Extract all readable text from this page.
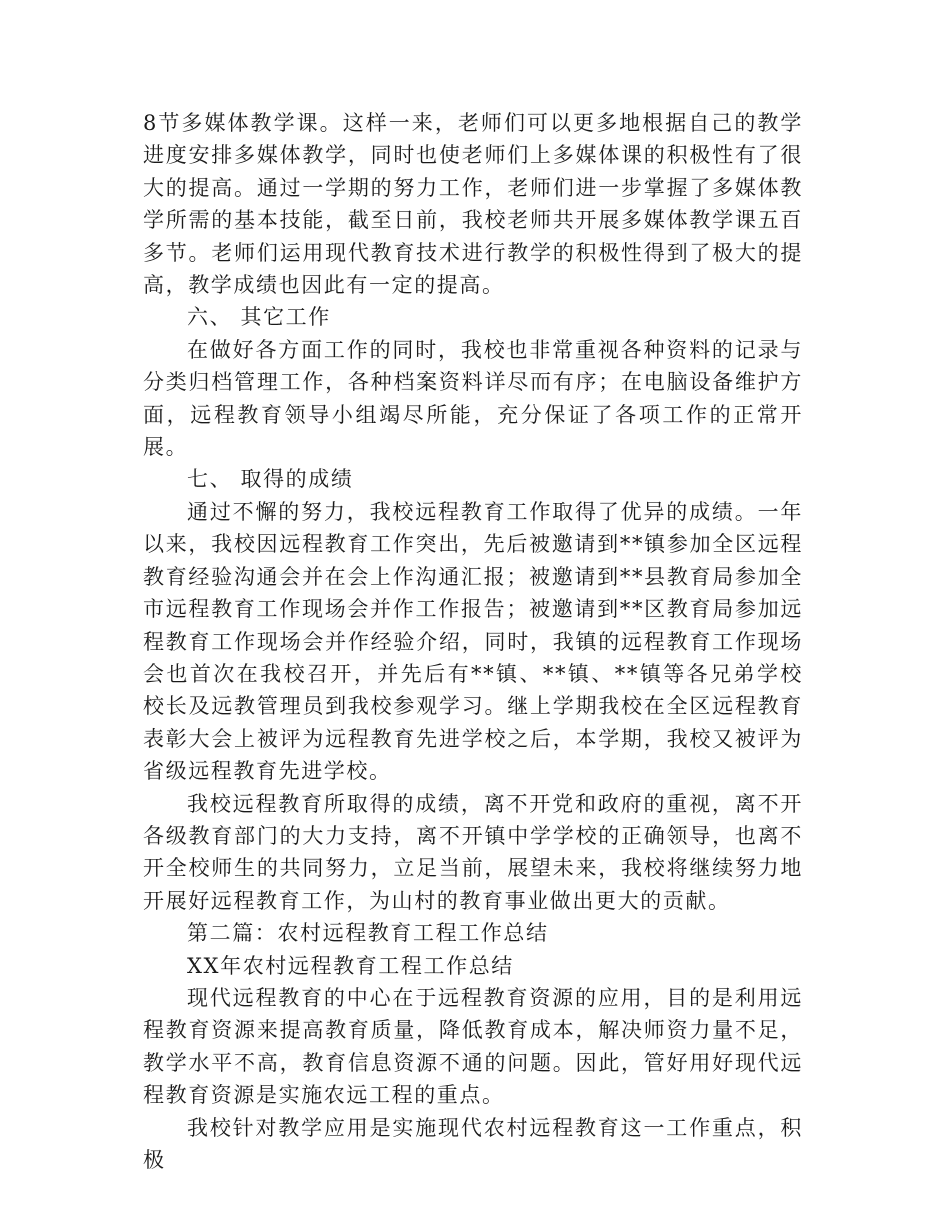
8节多媒体教学课。这样一来，老师们可以更多地根据自己的教学进度安排多媒体教学，同时也使老师们上多媒体课的积极性有了很大的提高。通过一学期的努力工作，老师们进一步掌握了多媒体教学所需的基本技能，截至日前，我校老师共开展多媒体教学课五百多节。老师们运用现代教育技术进行教学的积极性得到了极大的提高，教学成绩也因此有一定的提高。

六、 其它工作

在做好各方面工作的同时，我校也非常重视各种资料的记录与分类归档管理工作，各种档案资料详尽而有序；在电脑设备维护方面，远程教育领导小组竭尽所能，充分保证了各项工作的正常开展。

七、 取得的成绩

通过不懈的努力，我校远程教育工作取得了优异的成绩。一年以来，我校因远程教育工作突出，先后被邀请到**镇参加全区远程教育经验沟通会并在会上作沟通汇报；被邀请到**县教育局参加全市远程教育工作现场会并作工作报告；被邀请到**区教育局参加远程教育工作现场会并作经验介绍，同时，我镇的远程教育工作现场会也首次在我校召开，并先后有**镇、**镇、**镇等各兄弟学校校长及远教管理员到我校参观学习。继上学期我校在全区远程教育表彰大会上被评为远程教育先进学校之后，本学期，我校又被评为省级远程教育先进学校。

我校远程教育所取得的成绩，离不开党和政府的重视，离不开各级教育部门的大力支持，离不开镇中学学校的正确领导，也离不开全校师生的共同努力，立足当前，展望未来，我校将继续努力地开展好远程教育工作，为山村的教育事业做出更大的贡献。

第二篇：农村远程教育工程工作总结

XX年农村远程教育工程工作总结

现代远程教育的中心在于远程教育资源的应用，目的是利用远程教育资源来提高教育质量，降低教育成本，解决师资力量不足，教学水平不高，教育信息资源不通的问题。因此，管好用好现代远程教育资源是实施农远工程的重点。

我校针对教学应用是实施现代农村远程教育这一工作重点，积极
